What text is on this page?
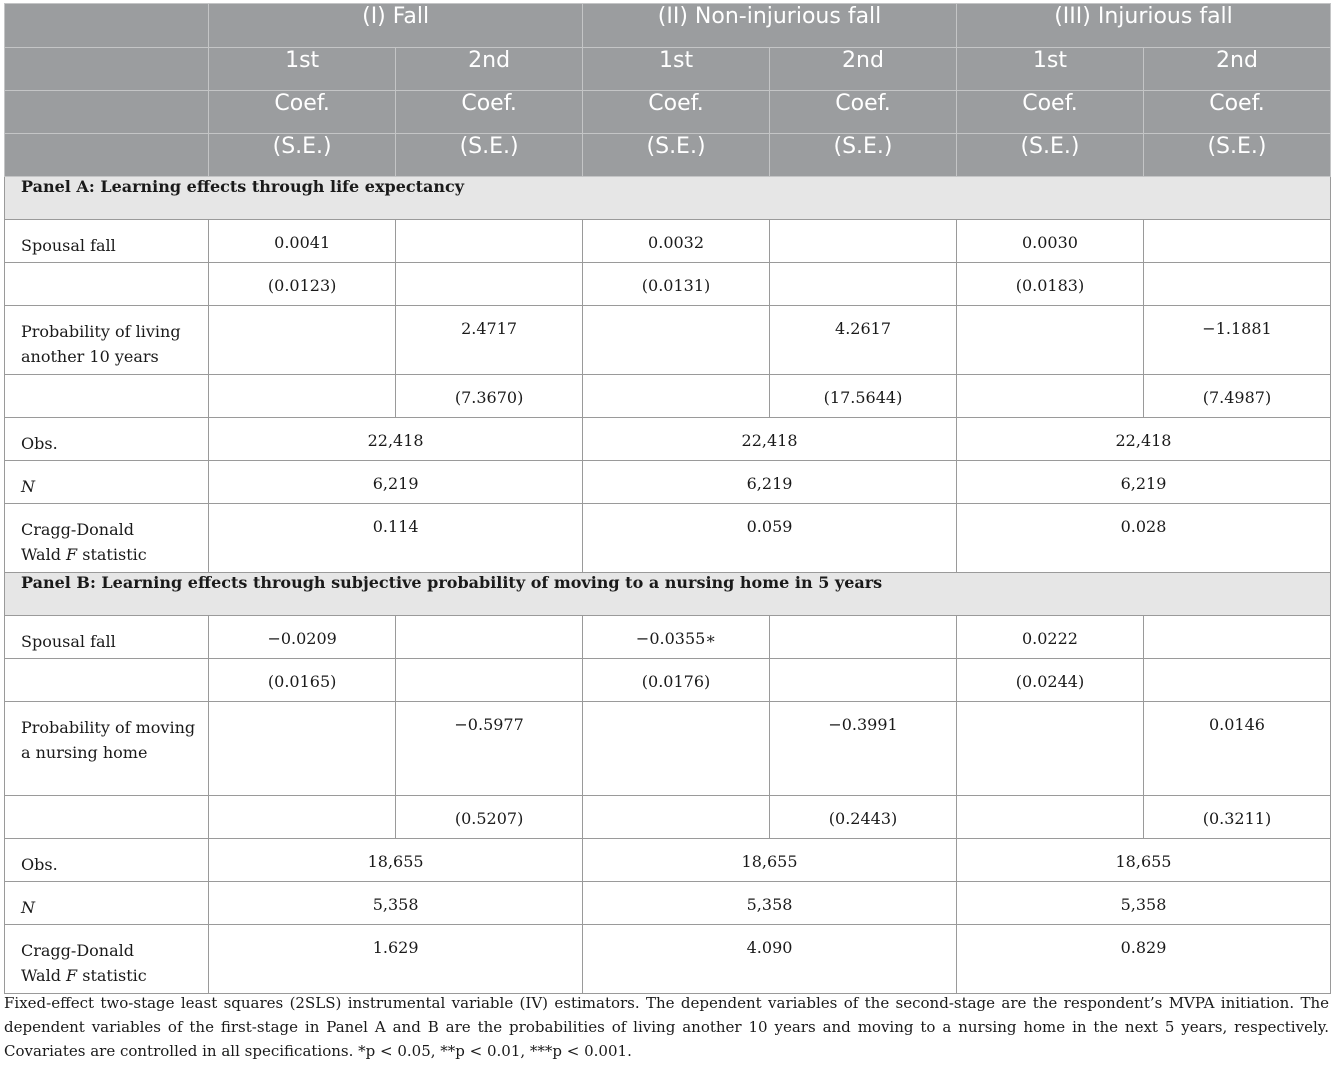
	(I) Fall		(II) Non-injurious fall		(III) Injurious fall	
	1st	2nd	1st	2nd	1st	2nd
	Coef.	Coef.	Coef.	Coef.	Coef.	Coef.
	(S.E.)	(S.E.)	(S.E.)	(S.E.)	(S.E.)	(S.E.)
Panel A: Learning effects through life expectancy						
Spousal fall	0.0041		0.0032		0.0030	
	(0.0123)		(0.0131)		(0.0183)	
Probability of living another 10 years		2.4717		4.2617		−1.1881
		(7.3670)		(17.5644)		(7.4987)
Obs.	22,418		22,418		22,418	
N	6,219		6,219		6,219	
Cragg-Donald
Wald F statistic	0.114		0.059		0.028	
Panel B: Learning effects through subjective probability of moving to a nursing home in 5 years						
Spousal fall	−0.0209		−0.0355∗		0.0222	
	(0.0165)		(0.0176)		(0.0244)	
Probability of moving a nursing home		−0.5977		−0.3991		0.0146
		(0.5207)		(0.2443)		(0.3211)
Obs.	18,655		18,655		18,655	
N	5,358		5,358		5,358	
Cragg-Donald
Wald F statistic	1.629		4.090		0.829	
Fixed-effect two-stage least squares (2SLS) instrumental variable (IV) estimators. The dependent variables of the second-stage are the respondent’s MVPA initiation. The dependent variables of the first-stage in Panel A and B are the probabilities of living another 10 years and moving to a nursing home in the next 5 years, respectively. Covariates are controlled in all specifications. *p < 0.05, **p < 0.01, ***p < 0.001.
